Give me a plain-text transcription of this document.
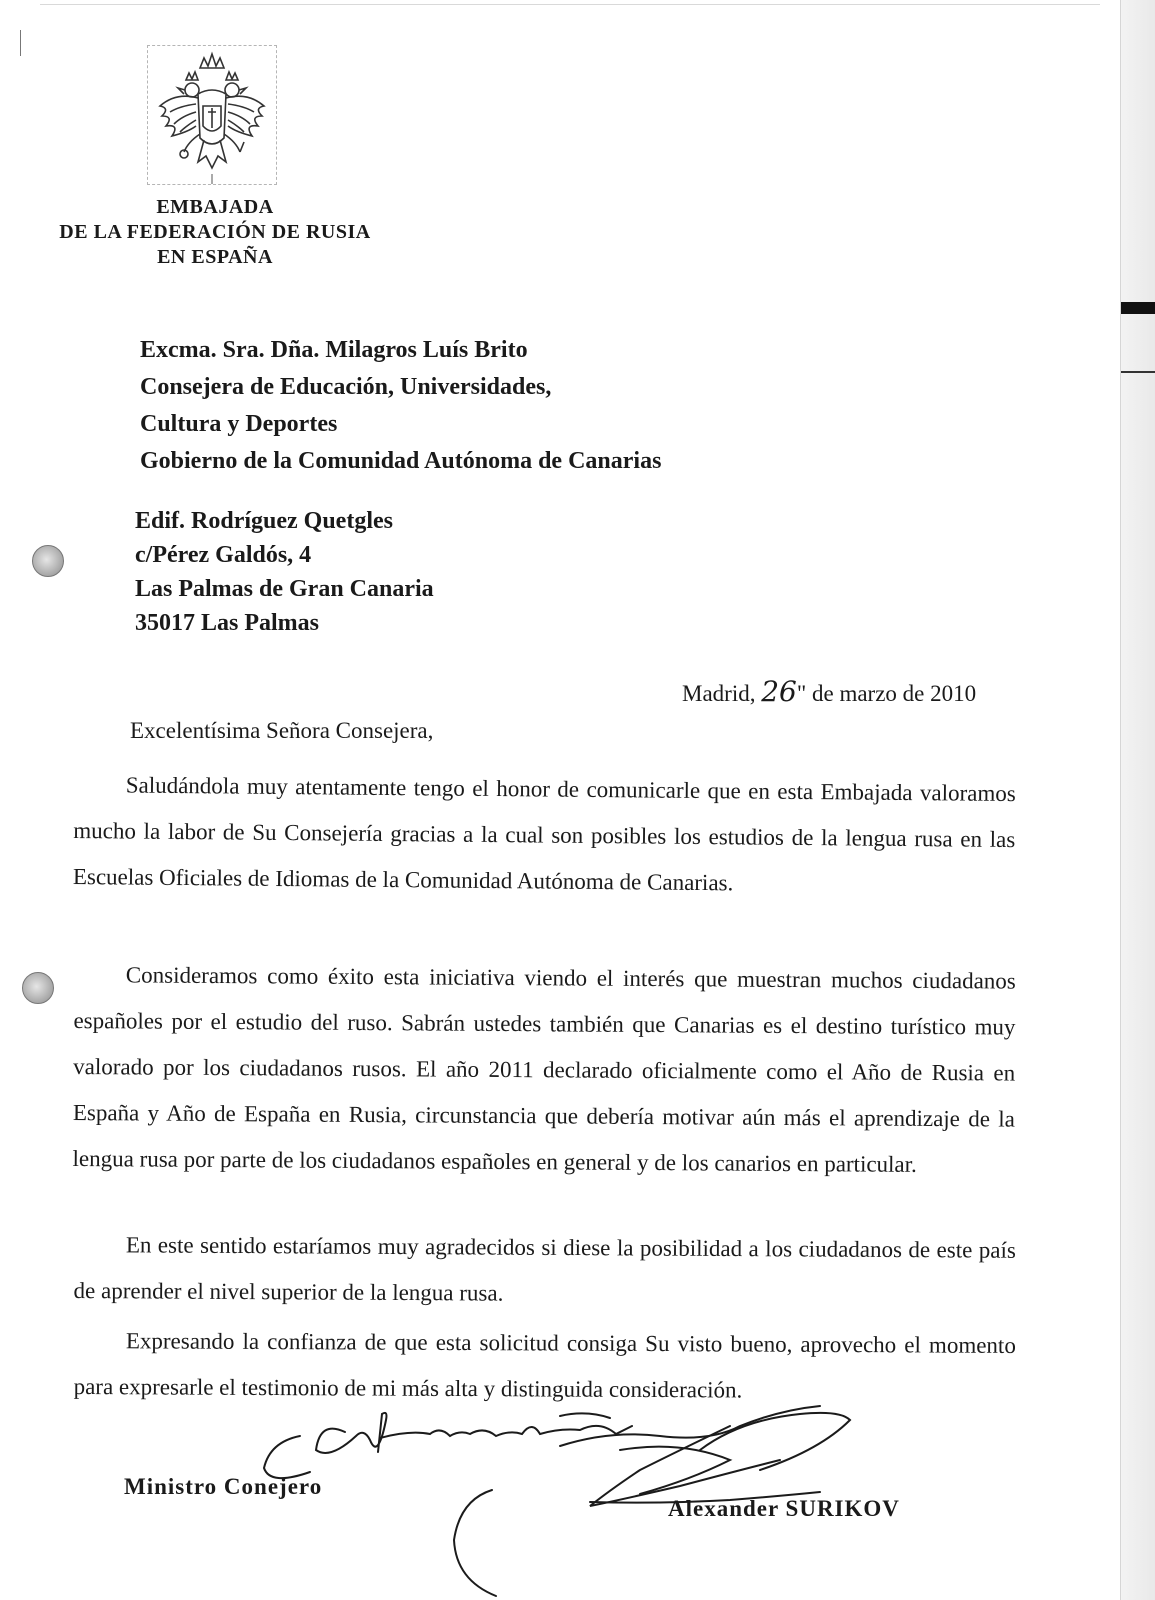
EMBAJADA
DE LA FEDERACIÓN DE RUSIA
EN ESPAÑA
Excma. Sra. Dña. Milagros Luís Brito
Consejera de Educación, Universidades,
Cultura y Deportes
Gobierno de la Comunidad Autónoma de Canarias
Edif. Rodríguez Quetgles
c/Pérez Galdós, 4
Las Palmas de Gran Canaria
35017 Las Palmas
Madrid, 26" de marzo de 2010
Excelentísima Señora Consejera,

Saludándola muy atentamente tengo el honor de comunicarle que en esta Embajada valoramos mucho la labor de Su Consejería gracias a la cual son posibles los estudios de la lengua rusa en las Escuelas Oficiales de Idiomas de la Comunidad Autónoma de Canarias.

Consideramos como éxito esta iniciativa viendo el interés que muestran muchos ciudadanos españoles por el estudio del ruso. Sabrán ustedes también que Canarias es el destino turístico muy valorado por los ciudadanos rusos. El año 2011 declarado oficialmente como el Año de Rusia en España y Año de España en Rusia, circunstancia que debería motivar aún más el aprendizaje de la lengua rusa por parte de los ciudadanos españoles en general y de los canarios en particular.

En este sentido estaríamos muy agradecidos si diese la posibilidad a los ciudadanos de este país de aprender el nivel superior de la lengua rusa.

Expresando la confianza de que esta solicitud consiga Su visto bueno, aprovecho el momento para expresarle el testimonio de mi más alta y distinguida consideración.

Ministro Conejero
Alexander SURIKOV
